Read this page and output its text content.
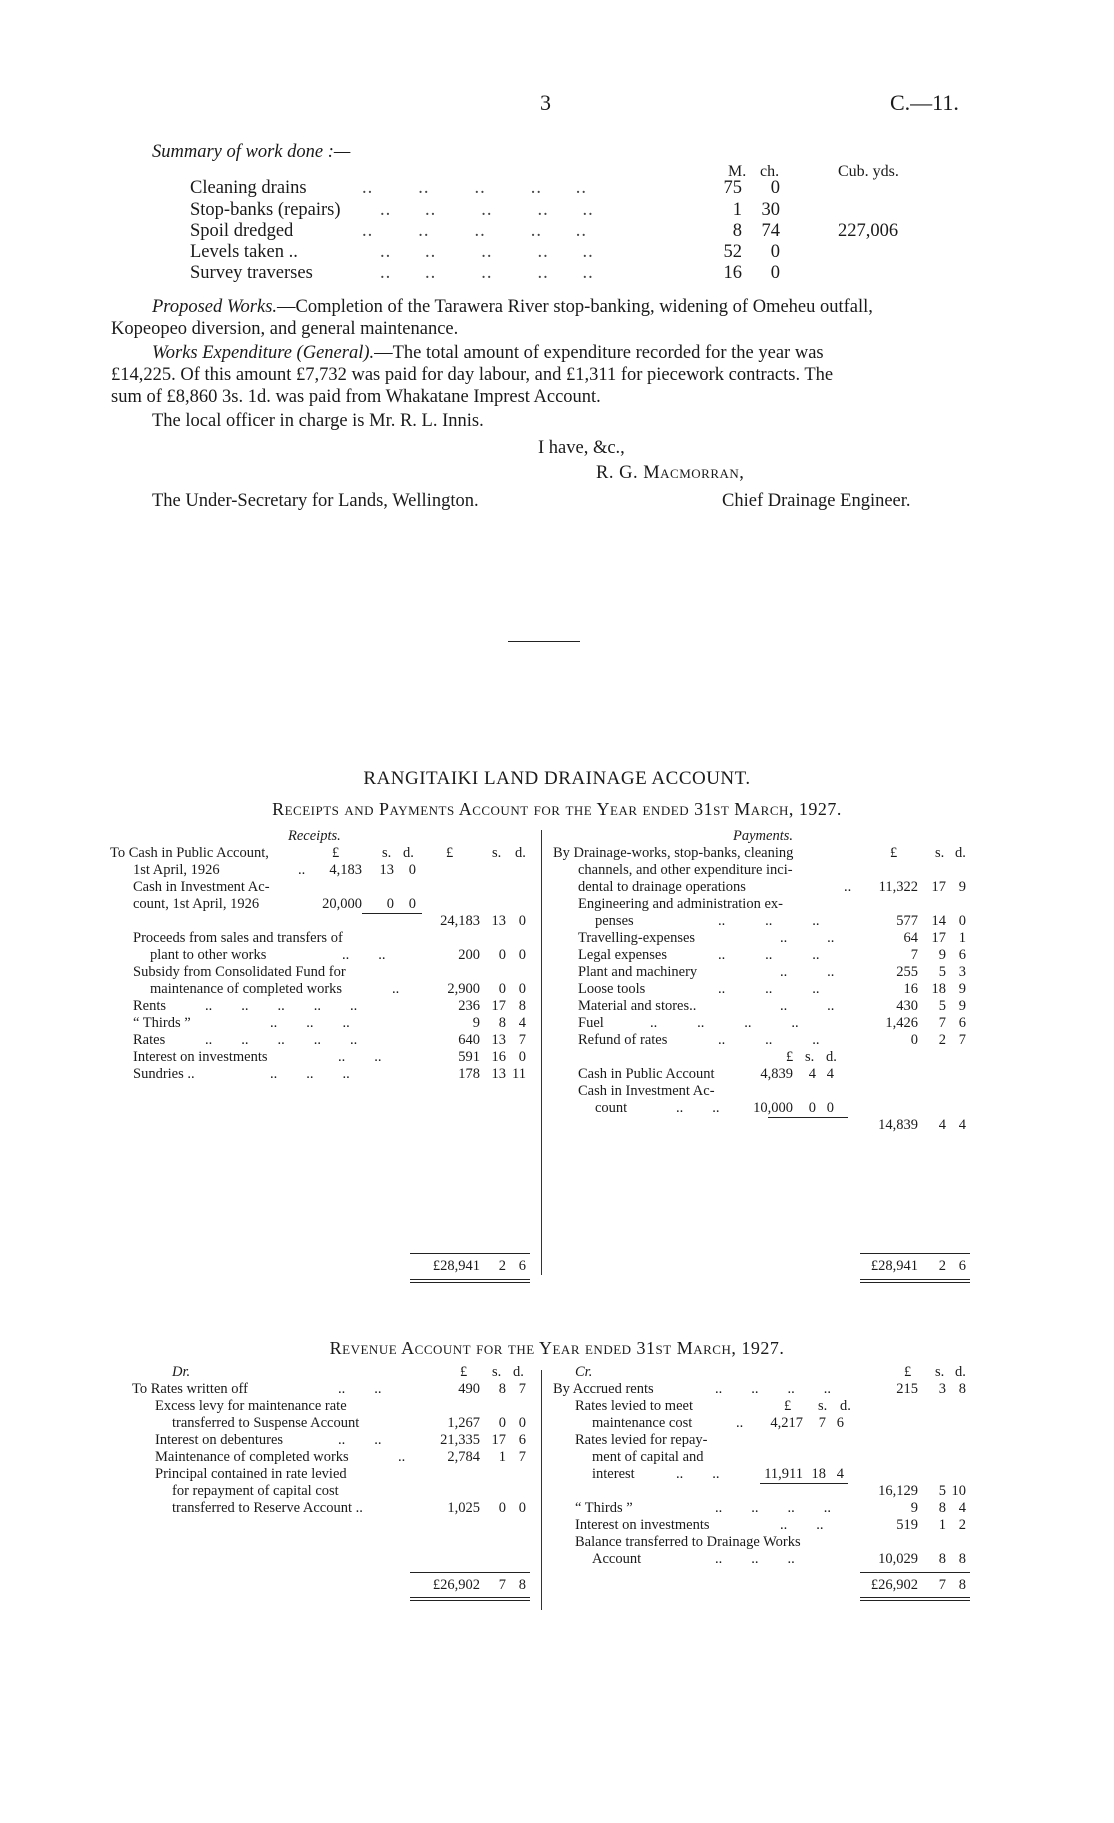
3	C.—11.
Summary of work done :—
M. ch.	Cub. yds.
Cleaning drains	..        ..        ..        ..      ..	75	0
Stop-banks (repairs) ..      ..        ..        ..      ..	1	30
Spoil dredged	..        ..        ..        ..      ..	8	74	227,006
Levels taken ..	..      ..        ..        ..      ..	52	0
Survey traverses	..      ..        ..        ..      ..	16	0
Proposed Works.—Completion of the Tarawera River stop-banking, widening of Omeheu outfall,
Kopeopeo diversion, and general maintenance.
Works Expenditure (General).—The total amount of expenditure recorded for the year was
£14,225. Of this amount £7,732 was paid for day labour, and £1,311 for piecework contracts. The
sum of £8,860 3s. 1d. was paid from Whakatane Imprest Account.
The local officer in charge is Mr. R. L. Innis.
I have, &c.,
R. G. Macmorran,
The Under-Secretary for Lands, Wellington.	Chief Drainage Engineer.
RANGITAIKI LAND DRAINAGE ACCOUNT.
Receipts and Payments Account for the Year ended 31st March, 1927.
Receipts.	Payments.
To Cash in Public Account,	£	s. d. £	s. d.
1st April, 1926	..	4,183	13	0
Cash in Investment Ac-
count, 1st April, 1926	20,000	0	0
24,183 13 0
Proceeds from sales and transfers of
plant to other works	..        ..	200	0 0
Subsidy from Consolidated Fund for
maintenance of completed works	..	2,900	0 0
Rents	..        ..        ..        ..        ..	236 17 8
“ Thirds ”	..        ..        ..	9	8 4
Rates	..        ..        ..        ..        ..	640 13 7
Interest on investments	..        ..	591 16 0
Sundries ..	..        ..        ..	178 13 11
£28,941	2 6
By Drainage-works, stop-banks, cleaning	£	s. d.
channels, and other expenditure inci-
dental to drainage operations	..	11,322 17 9
Engineering and administration ex-
penses	..           ..           ..	577 14 0
Travelling-expenses	..           ..	64 17 1
Legal expenses	..           ..           ..	7	9 6
Plant and machinery	..           ..	255	5 3
Loose tools	..           ..           ..	16 18 9
Material and stores..	..           ..	430	5 9
Fuel	..           ..           ..           ..	1,426	7 6
Refund of rates	..           ..           ..	0	2 7
£ s. d.
Cash in Public Account	4,839	4 4
Cash in Investment Ac-
count	..        ..	10,000	0 0
14,839	4 4
£28,941	2 6
Revenue Account for the Year ended 31st March, 1927.
Dr.	£ s. d.	Cr.	£ s. d.
To Rates written off	..        ..	490	8 7
Excess levy for maintenance rate
transferred to Suspense Account	1,267	0 0
Interest on debentures	..        ..	21,335 17 6
Maintenance of completed works	..	2,784	1 7
Principal contained in rate levied
for repayment of capital cost
transferred to Reserve Account ..	1,025	0 0
£26,902	7 8
By Accrued rents	..        ..        ..        ..	215	3 8
Rates levied to meet	£ s. d.
maintenance cost	..	4,217	7 6
Rates levied for repay-
ment of capital and
interest	..        ..	11,911 18 4
16,129	5 10
“ Thirds ”	..        ..        ..        ..	9	8 4
Interest on investments	..        ..	519	1 2
Balance transferred to Drainage Works
Account	..        ..        ..	10,029	8 8
£26,902	7 8
